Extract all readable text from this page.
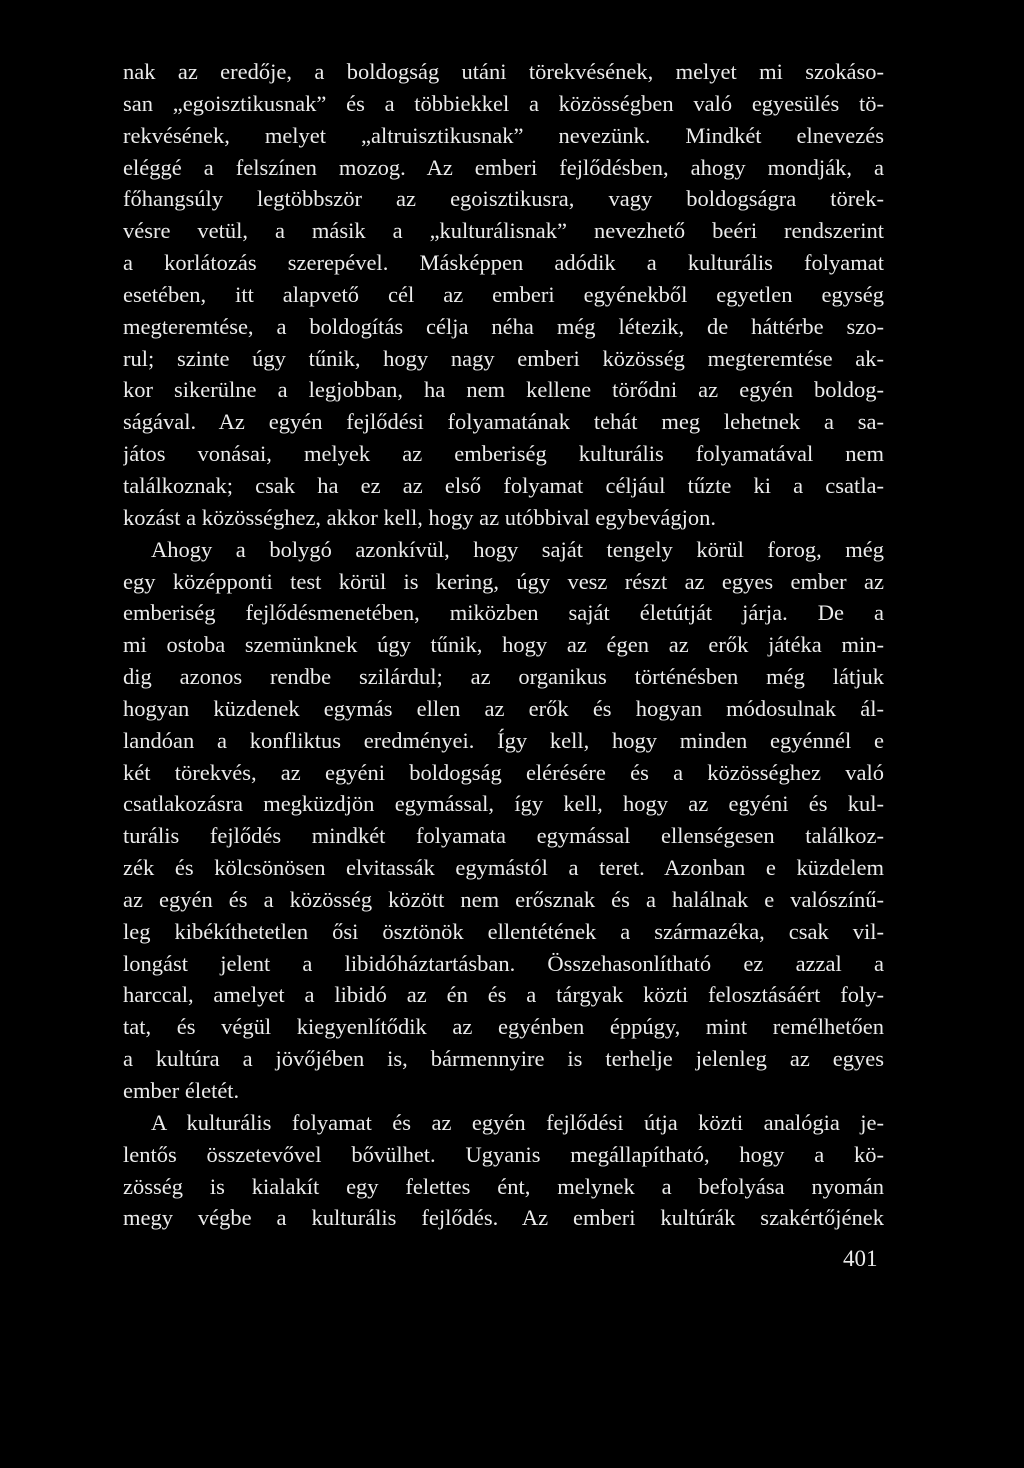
nak az eredője, a boldogság utáni törekvésének, melyet mi szokáso-
san „egoisztikusnak” és a többiekkel a közösségben való egyesülés tö-
rekvésének, melyet „altruisztikusnak” nevezünk. Mindkét elnevezés
eléggé a felszínen mozog. Az emberi fejlődésben, ahogy mondják, a
főhangsúly legtöbbször az egoisztikusra, vagy boldogságra törek-
vésre vetül, a másik a „kulturálisnak” nevezhető beéri rendszerint
a korlátozás szerepével. Másképpen adódik a kulturális folyamat
esetében, itt alapvető cél az emberi egyénekből egyetlen egység
megteremtése, a boldogítás célja néha még létezik, de háttérbe szo-
rul; szinte úgy tűnik, hogy nagy emberi közösség megteremtése ak-
kor sikerülne a legjobban, ha nem kellene törődni az egyén boldog-
ságával. Az egyén fejlődési folyamatának tehát meg lehetnek a sa-
játos vonásai, melyek az emberiség kulturális folyamatával nem
találkoznak; csak ha ez az első folyamat céljául tűzte ki a csatla-
kozást a közösséghez, akkor kell, hogy az utóbbival egybevágjon.
Ahogy a bolygó azonkívül, hogy saját tengely körül forog, még
egy középponti test körül is kering, úgy vesz részt az egyes ember az
emberiség fejlődésmenetében, miközben saját életútját járja. De a
mi ostoba szemünknek úgy tűnik, hogy az égen az erők játéka min-
dig azonos rendbe szilárdul; az organikus történésben még látjuk
hogyan küzdenek egymás ellen az erők és hogyan módosulnak ál-
landóan a konfliktus eredményei. Így kell, hogy minden egyénnél e
két törekvés, az egyéni boldogság elérésére és a közösséghez való
csatlakozásra megküzdjön egymással, így kell, hogy az egyéni és kul-
turális fejlődés mindkét folyamata egymással ellenségesen találkoz-
zék és kölcsönösen elvitassák egymástól a teret. Azonban e küzdelem
az egyén és a közösség között nem erősznak és a halálnak e valószínű-
leg kibékíthetetlen ősi ösztönök ellentétének a származéka, csak vil-
longást jelent a libidóháztartásban. Összehasonlítható ez azzal a
harccal, amelyet a libidó az én és a tárgyak közti felosztásáért foly-
tat, és végül kiegyenlítődik az egyénben éppúgy, mint remélhetően
a kultúra a jövőjében is, bármennyire is terhelje jelenleg az egyes
ember életét.
A kulturális folyamat és az egyén fejlődési útja közti analógia je-
lentős összetevővel bővülhet. Ugyanis megállapítható, hogy a kö-
zösség is kialakít egy felettes ént, melynek a befolyása nyomán
megy végbe a kulturális fejlődés. Az emberi kultúrák szakértőjének
401
